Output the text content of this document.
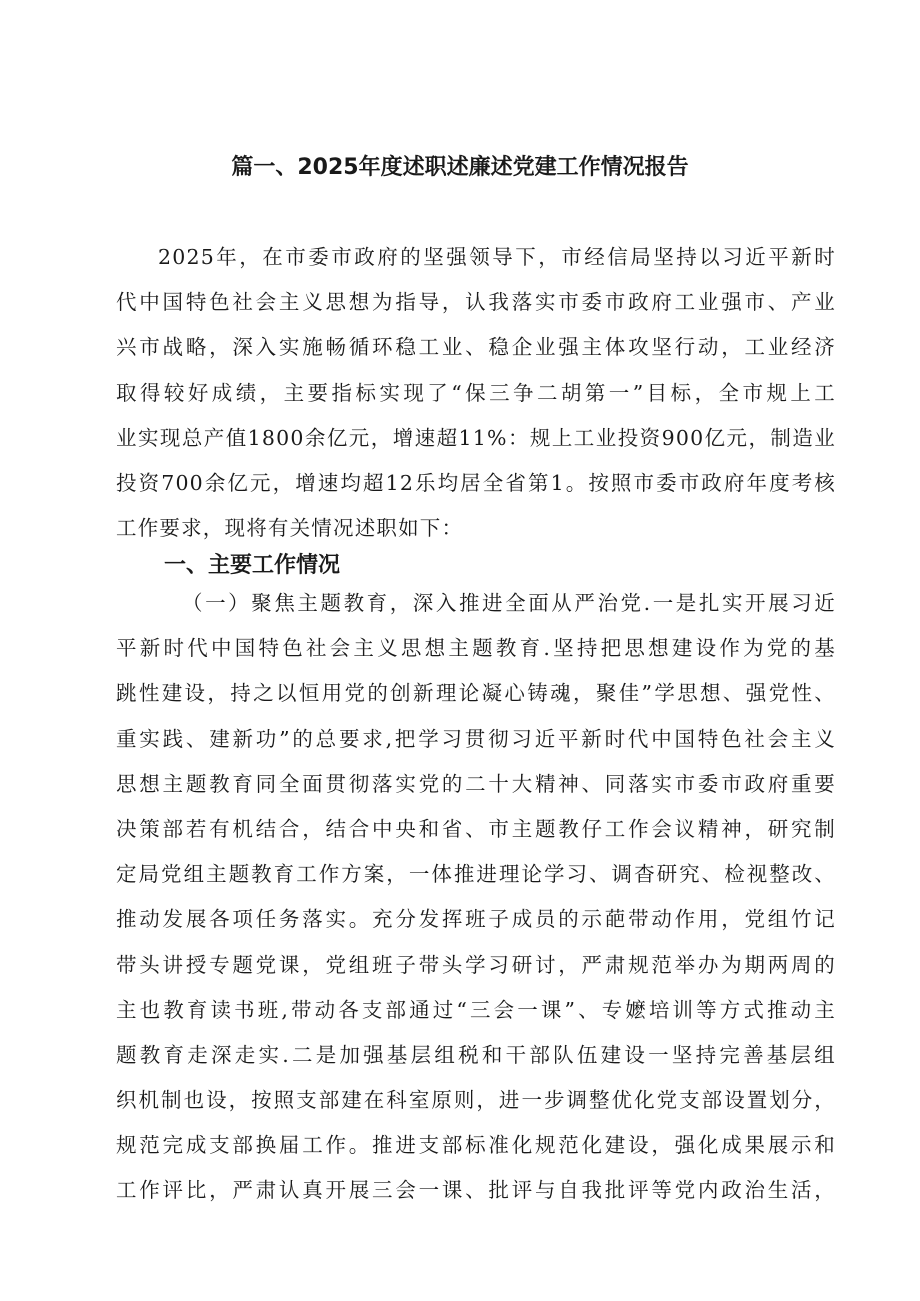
篇一、2025年度述职述廉述党建工作情况报告
2025年，在市委市政府的坚强领导下，市经信局坚持以习近平新时
代中国特色社会主义思想为指导，认我落实市委市政府工业强市、产业
兴市战略，深入实施畅循环稳工业、稳企业强主体攻坚行动，工业经济
取得较好成绩，主要指标实现了“保三争二胡第一”目标，全市规上工
业实现总产值1800余亿元，增速超11%：规上工业投资900亿元，制造业
投资700余亿元，增速均超12乐均居全省第1。按照市委市政府年度考核
工作要求，现将有关情况述职如下：
一、主要工作情况
（一）聚焦主题教育，深入推进全面从严治党.一是扎实开展习近
平新时代中国特色社会主义思想主题教育.坚持把思想建设作为党的基
跳性建设，持之以恒用党的创新理论凝心铸魂，聚佳”学思想、强党性、
重实践、建新功”的总要求,把学习贯彻习近平新时代中国特色社会主义
思想主题教育同全面贯彻落实党的二十大精神、同落实市委市政府重要
决策部若有机结合，结合中央和省、市主题教仔工作会议精神，研究制
定局党组主题教育工作方案，一体推进理论学习、调杳研究、检视整改、
推动发展各项任务落实。充分发挥班子成员的示葩带动作用，党组竹记
带头讲授专题党课，党组班子带头学习研讨，严肃规范举办为期两周的
主也教育读书班,带动各支部通过“三会一课”、专嬷培训等方式推动主
题教育走深走实.二是加强基层组税和干部队伍建设一坚持完善基层组
织机制也设，按照支部建在科室原则，进一步调整优化党支部设置划分，
规范完成支部换届工作。推进支部标准化规范化建设，强化成果展示和
工作评比，严肃认真开展三会一课、批评与自我批评等党内政治生活，
